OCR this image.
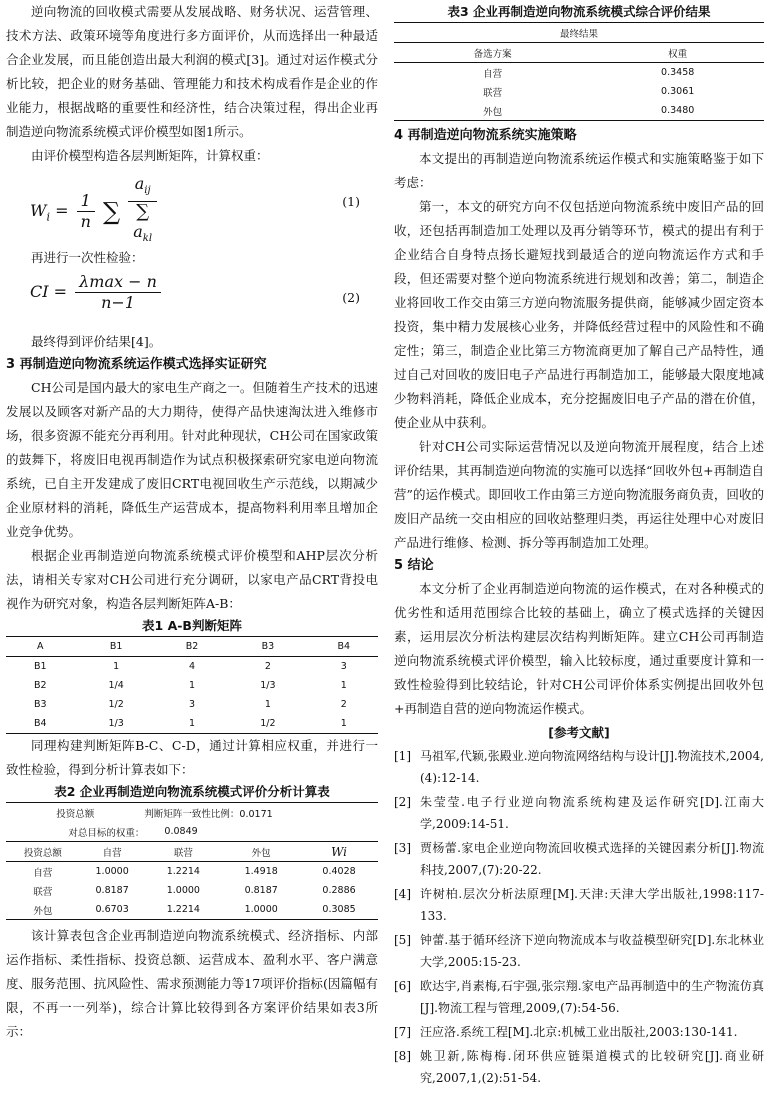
逆向物流的回收模式需要从发展战略、财务状况、运营管理、技术方法、政策环境等角度进行多方面评价，从而选择出一种最适合企业发展，而且能创造出最大利润的模式[3]。通过对运作模式分析比较，把企业的财务基础、管理能力和技术构成看作是企业的作业能力，根据战略的重要性和经济性，结合决策过程，得出企业再制造逆向物流系统模式评价模型如图1所示。

由评价模型构造各层判断矩阵，计算权重：

$W_i = \frac{1}{n}$ ∑ $a_{ij}$
∑
$a_{kl}$	(1)

再进行一次性检验：

CI = $\frac{\lambda\max - n}{n-1}$	(2)

最终得到评价结果[4]。

3 再制造逆向物流系统运作模式选择实证研究

CH公司是国内最大的家电生产商之一。但随着生产技术的迅速发展以及顾客对新产品的大力期待，使得产品快速淘汰进入维修市场，很多资源不能充分再利用。针对此种现状，CH公司在国家政策的鼓舞下，将废旧电视再制造作为试点积极探索研究家电逆向物流系统，已自主开发建成了废旧CRT电视回收生产示范线，以期减少企业原材料的消耗，降低生产运营成本，提高物料利用率且增加企业竞争优势。

根据企业再制造逆向物流系统模式评价模型和AHP层次分析法，请相关专家对CH公司进行充分调研，以家电产品CRT背投电视作为研究对象，构造各层判断矩阵A-B：

表1 A-B判断矩阵
A	B1	B2	B3	B4
B1	1	4	2	3
B2	1/4	1	1/3	1
B3	1/2	3	1	2
B4	1/3	1	1/2	1

同理构建判断矩阵B-C、C-D，通过计算相应权重，并进行一致性检验，得到分析计算表如下：

表2 企业再制造逆向物流系统模式评价分析计算表
投资总额		判断矩阵一致性比例：0.0171		
对总目标的权重：		0.0849		
投资总额	自营	联营	外包	Wi
自营	1.0000	1.2214	1.4918	0.4028
联营	0.8187	1.0000	0.8187	0.2886
外包	0.6703	1.2214	1.0000	0.3085

该计算表包含企业再制造逆向物流系统模式、经济指标、内部运作指标、柔性指标、投资总额、运营成本、盈利水平、客户满意度、服务范围、抗风险性、需求预测能力等17项评价指标(因篇幅有限，不再一一列举)，综合计算比较得到各方案评价结果如表3所示：

表3 企业再制造逆向物流系统模式综合评价结果
最终结果	
备选方案	权重
自营	0.3458
联营	0.3061
外包	0.3480
4 再制造逆向物流系统实施策略

本文提出的再制造逆向物流系统运作模式和实施策略鉴于如下考虑：

第一，本文的研究方向不仅包括逆向物流系统中废旧产品的回收，还包括再制造加工处理以及再分销等环节，模式的提出有利于企业结合自身特点扬长避短找到最适合的逆向物流运作方式和手段，但还需要对整个逆向物流系统进行规划和改善；第二，制造企业将回收工作交由第三方逆向物流服务提供商，能够减少固定资本投资，集中精力发展核心业务，并降低经营过程中的风险性和不确定性；第三，制造企业比第三方物流商更加了解自己产品特性，通过自己对回收的废旧电子产品进行再制造加工，能够最大限度地减少物料消耗，降低企业成本，充分挖掘废旧电子产品的潜在价值，使企业从中获利。

针对CH公司实际运营情况以及逆向物流开展程度，结合上述评价结果，其再制造逆向物流的实施可以选择“回收外包+再制造自营”的运作模式。即回收工作由第三方逆向物流服务商负责，回收的废旧产品统一交由相应的回收站整理归类，再运往处理中心对废旧产品进行维修、检测、拆分等再制造加工处理。

5 结论

本文分析了企业再制造逆向物流的运作模式，在对各种模式的优劣性和适用范围综合比较的基础上，确立了模式选择的关键因素，运用层次分析法构建层次结构判断矩阵。建立CH公司再制造逆向物流系统模式评价模型，输入比较标度，通过重要度计算和一致性检验得到比较结论，针对CH公司评价体系实例提出回收外包+再制造自营的逆向物流运作模式。

[参考文献]
[1] 马祖军,代颖,张殿业.逆向物流网络结构与设计[J].物流技术,2004,(4):12-14.
[2] 朱莹莹.电子行业逆向物流系统构建及运作研究[D].江南大学,2009:14-51.
[3] 贾杨蕾.家电企业逆向物流回收模式选择的关键因素分析[J].物流科技,2007,(7):20-22.
[4] 许树柏.层次分析法原理[M].天津:天津大学出版社,1998:117-133.
[5] 钟蕾.基于循环经济下逆向物流成本与收益模型研究[D].东北林业大学,2005:15-23.
[6] 欧达宇,肖素梅,石宇强,张宗翔.家电产品再制造中的生产物流仿真[J].物流工程与管理,2009,(7):54-56.
[7] 汪应洛.系统工程[M].北京:机械工业出版社,2003:130-141.
[8] 姚卫新,陈梅梅.闭环供应链渠道模式的比较研究[J].商业研究,2007,1,(2):51-54.
